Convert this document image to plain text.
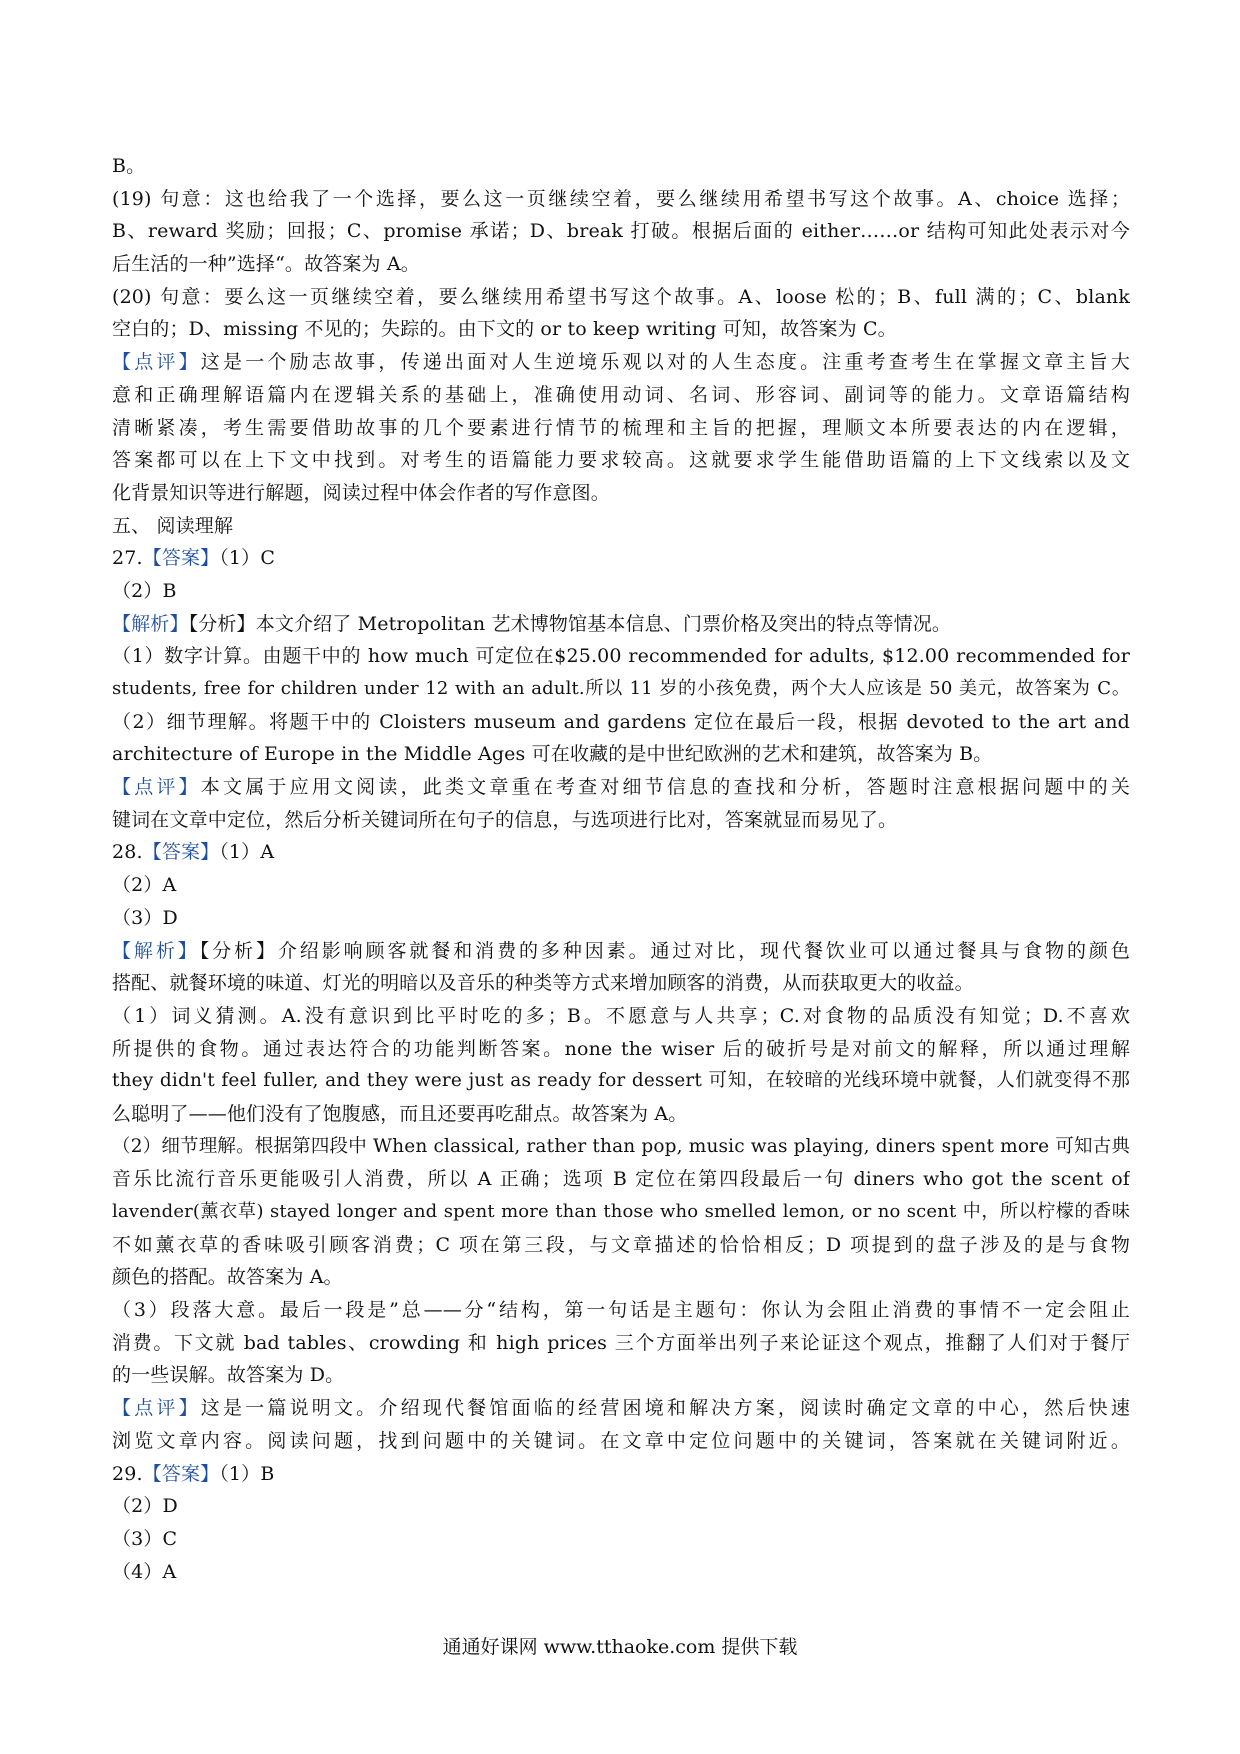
B。
(19) 句意：这也给我了一个选择，要么这一页继续空着，要么继续用希望书写这个故事。A、choice 选择；
B、reward 奖励；回报；C、promise 承诺；D、break 打破。根据后面的 either……or 结构可知此处表示对今
后生活的一种”选择“。故答案为 A。
(20) 句意：要么这一页继续空着，要么继续用希望书写这个故事。A、loose 松的；B、full 满的；C、blank
空白的；D、missing 不见的；失踪的。由下文的 or to keep writing 可知，故答案为 C。
【点评】这是一个励志故事，传递出面对人生逆境乐观以对的人生态度。注重考查考生在掌握文章主旨大
意和正确理解语篇内在逻辑关系的基础上，准确使用动词、名词、形容词、副词等的能力。文章语篇结构
清晰紧凑，考生需要借助故事的几个要素进行情节的梳理和主旨的把握，理顺文本所要表达的内在逻辑，
答案都可以在上下文中找到。对考生的语篇能力要求较高。这就要求学生能借助语篇的上下文线索以及文
化背景知识等进行解题，阅读过程中体会作者的写作意图。
五、 阅读理解
27.【答案】（1）C
（2）B
【解析】【分析】本文介绍了 Metropolitan 艺术博物馆基本信息、门票价格及突出的特点等情况。
（1）数字计算。由题干中的 how much 可定位在$25.00 recommended for adults, $12.00 recommended for
students, free for children under 12 with an adult.所以 11 岁的小孩免费，两个大人应该是 50 美元，故答案为 C。
（2）细节理解。将题干中的 Cloisters museum and gardens 定位在最后一段，根据 devoted to the art and
architecture of Europe in the Middle Ages 可在收藏的是中世纪欧洲的艺术和建筑，故答案为 B。
【点评】本文属于应用文阅读，此类文章重在考查对细节信息的查找和分析，答题时注意根据问题中的关
键词在文章中定位，然后分析关键词所在句子的信息，与选项进行比对，答案就显而易见了。
28.【答案】（1）A
（2）A
（3）D
【解析】【分析】介绍影响顾客就餐和消费的多种因素。通过对比，现代餐饮业可以通过餐具与食物的颜色
搭配、就餐环境的味道、灯光的明暗以及音乐的种类等方式来增加顾客的消费，从而获取更大的收益。
（1）词义猜测。A.没有意识到比平时吃的多；B。不愿意与人共享；C.对食物的品质没有知觉；D.不喜欢
所提供的食物。通过表达符合的功能判断答案。none the wiser 后的破折号是对前文的解释，所以通过理解
they didn't feel fuller, and they were just as ready for dessert 可知，在较暗的光线环境中就餐，人们就变得不那
么聪明了——他们没有了饱腹感，而且还要再吃甜点。故答案为 A。
（2）细节理解。根据第四段中 When classical, rather than pop, music was playing, diners spent more 可知古典
音乐比流行音乐更能吸引人消费，所以 A 正确；选项 B 定位在第四段最后一句 diners who got the scent of
lavender(薰衣草) stayed longer and spent more than those who smelled lemon, or no scent 中，所以柠檬的香味
不如薰衣草的香味吸引顾客消费；C 项在第三段，与文章描述的恰恰相反；D 项提到的盘子涉及的是与食物
颜色的搭配。故答案为 A。
（3）段落大意。最后一段是”总——分“结构，第一句话是主题句：你认为会阻止消费的事情不一定会阻止
消费。下文就 bad tables、crowding 和 high prices 三个方面举出列子来论证这个观点，推翻了人们对于餐厅
的一些误解。故答案为 D。
【点评】这是一篇说明文。介绍现代餐馆面临的经营困境和解决方案，阅读时确定文章的中心，然后快速
浏览文章内容。阅读问题，找到问题中的关键词。在文章中定位问题中的关键词，答案就在关键词附近。
29.【答案】（1）B
（2）D
（3）C
（4）A
通通好课网 www.tthaoke.com 提供下载
